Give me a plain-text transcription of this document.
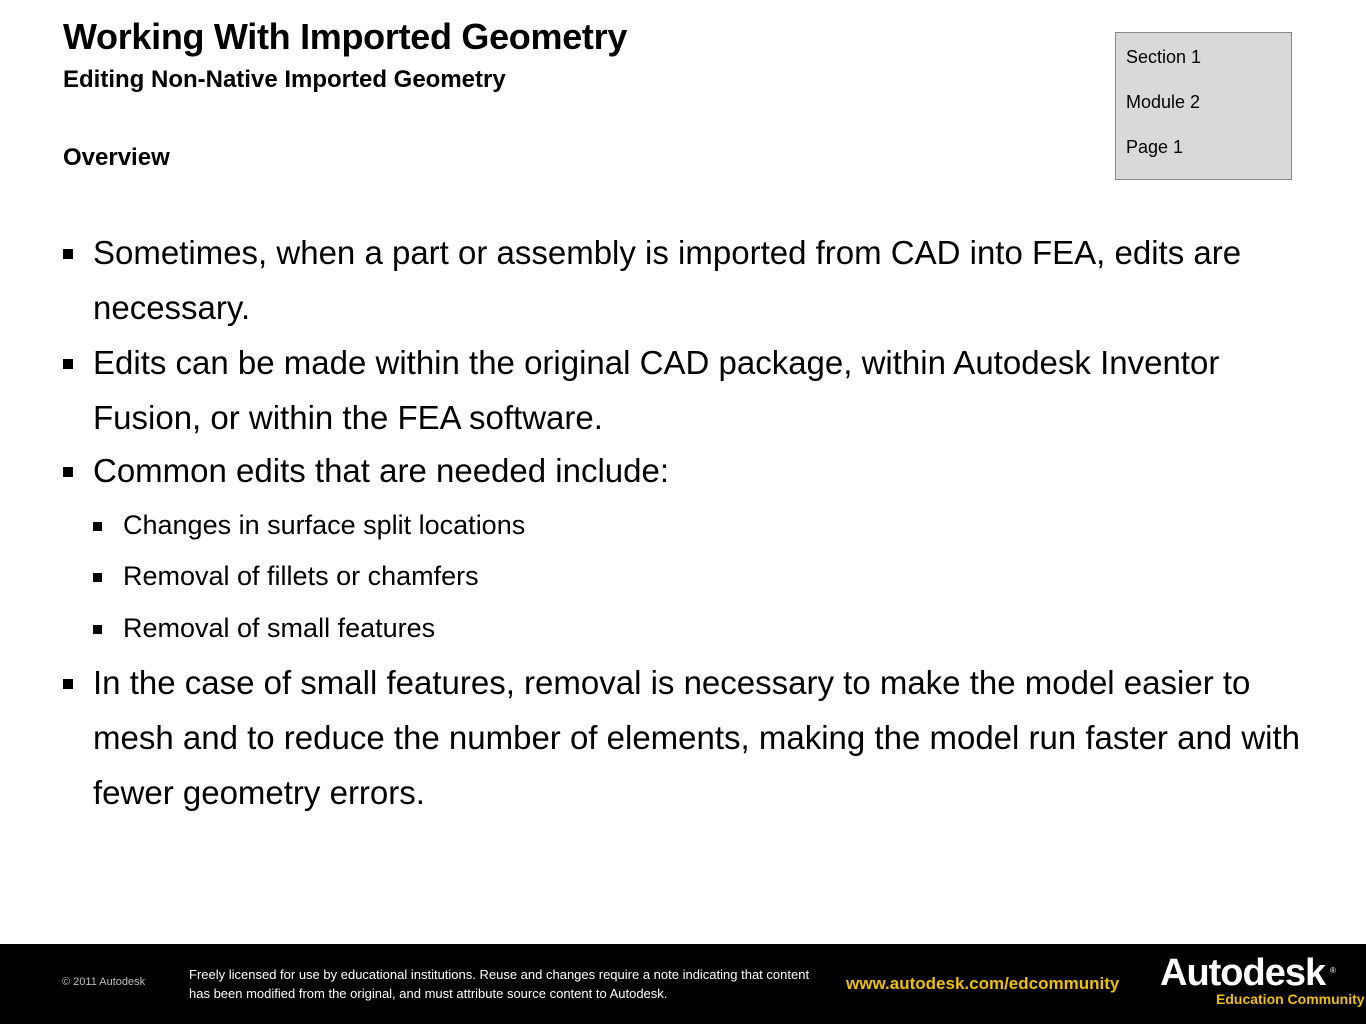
Working With Imported Geometry
Editing Non-Native Imported Geometry
Overview
Section 1
Module 2
Page 1
Sometimes, when a part or assembly is imported from CAD into FEA, edits are necessary.
Edits can be made within the original CAD package, within Autodesk Inventor Fusion, or within the FEA software.
Common edits that are needed include:
Changes in surface split locations
Removal of fillets or chamfers
Removal of small features
In the case of small features, removal is necessary to make the model easier to mesh and to reduce the number of elements, making the model run faster and with fewer geometry errors.
© 2011 Autodesk	Freely licensed for use by educational institutions. Reuse and changes require a note indicating that content has been modified from the original, and must attribute source content to Autodesk.
www.autodesk.com/edcommunity Autodesk ®
Education Community
